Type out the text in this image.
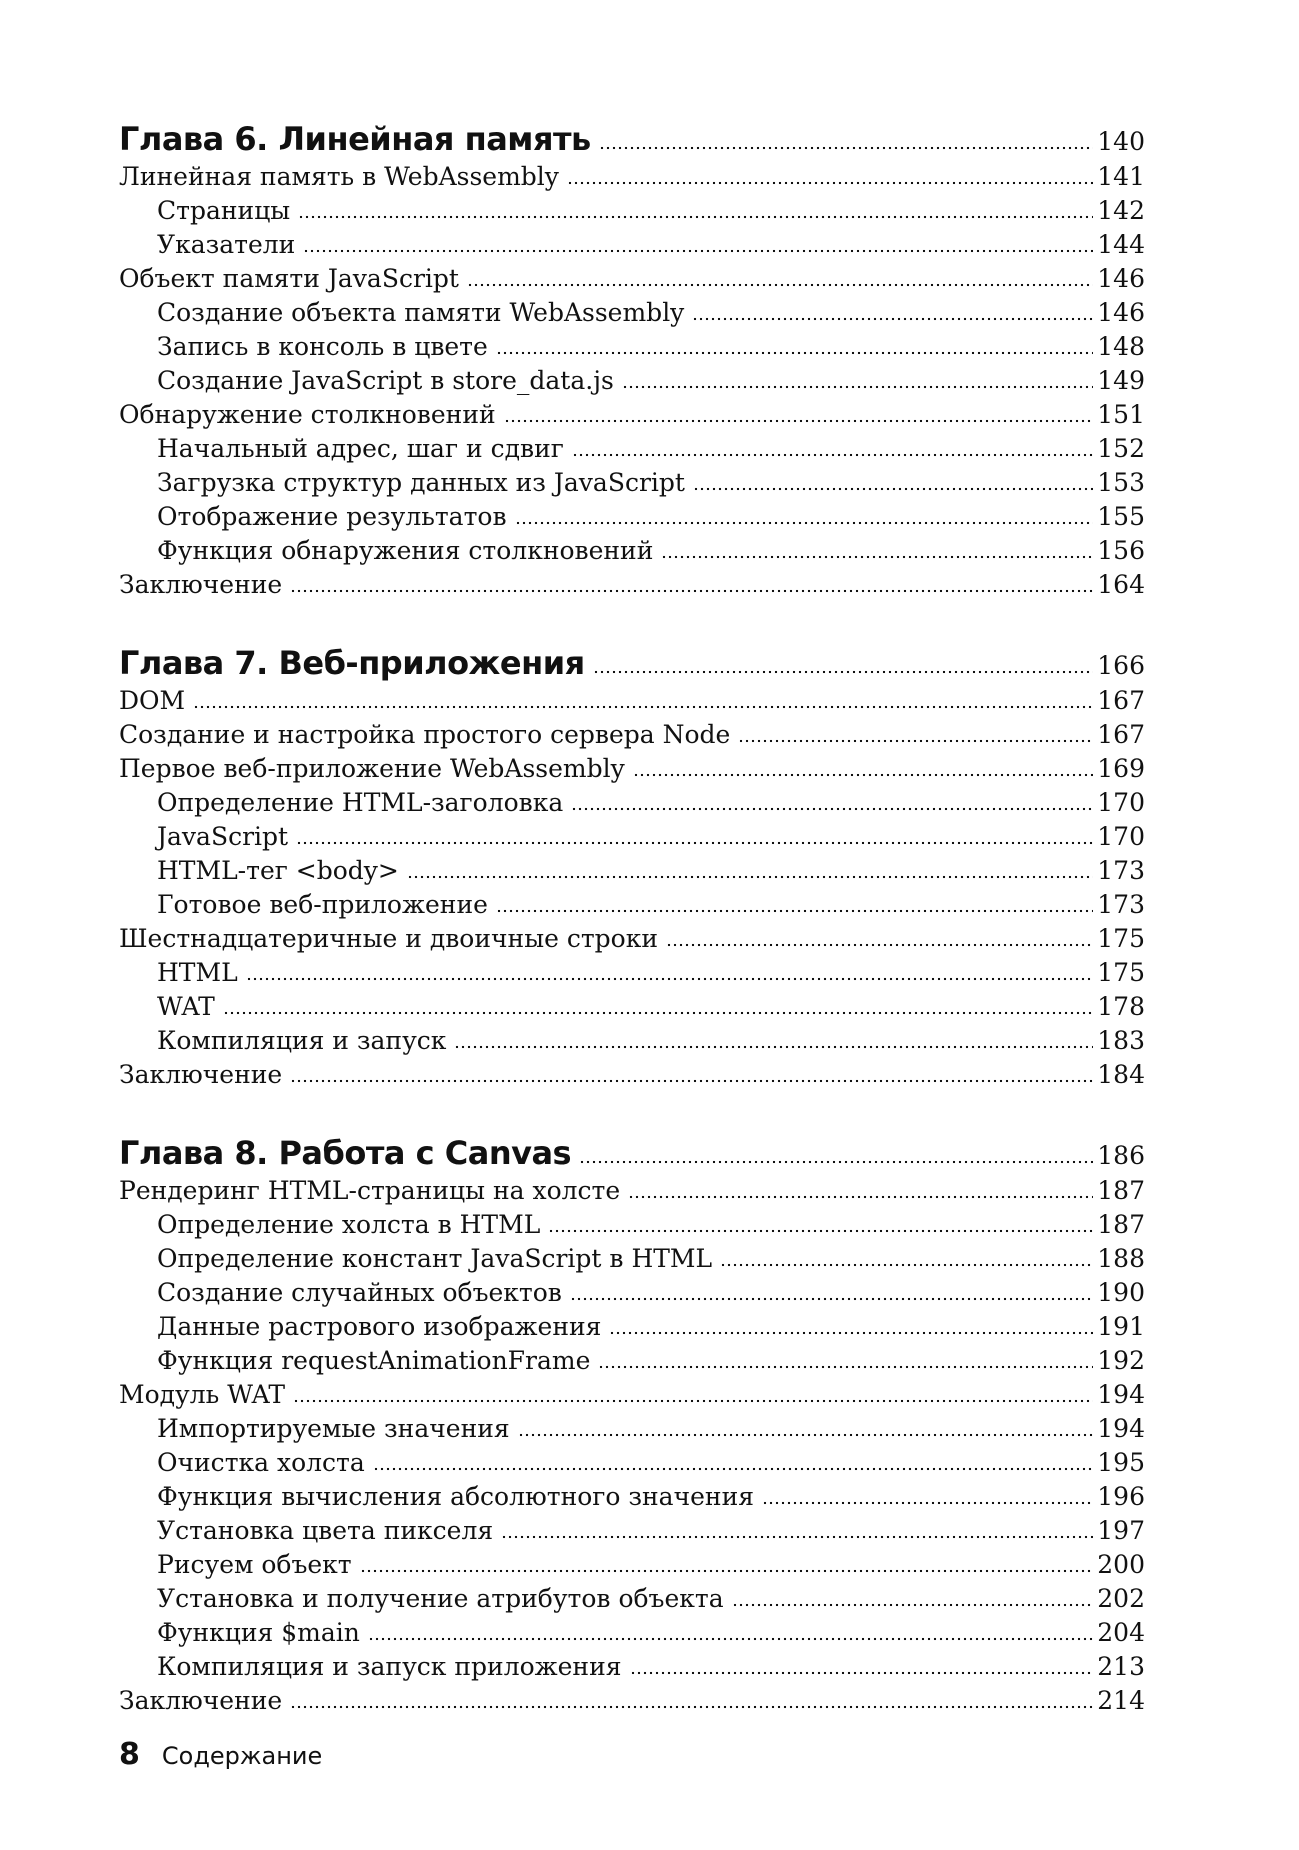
Глава 6. Линейная память	140
Линейная память в WebAssembly	141
Страницы	142
Указатели	144
Объект памяти JavaScript	146
Создание объекта памяти WebAssembly	146
Запись в консоль в цвете	148
Создание JavaScript в store_data.js	149
Обнаружение столкновений	151
Начальный адрес, шаг и сдвиг	152
Загрузка структур данных из JavaScript	153
Отображение результатов	155
Функция обнаружения столкновений	156
Заключение	164
Глава 7. Веб-приложения	166
DOM	167
Создание и настройка простого сервера Node	167
Первое веб-приложение WebAssembly	169
Определение HTML-заголовка	170
JavaScript	170
HTML-тег <body>	173
Готовое веб-приложение	173
Шестнадцатеричные и двоичные строки	175
HTML	175
WAT	178
Компиляция и запуск	183
Заключение	184
Глава 8. Работа с Canvas	186
Рендеринг HTML-страницы на холсте	187
Определение холста в HTML	187
Определение констант JavaScript в HTML	188
Создание случайных объектов	190
Данные растрового изображения	191
Функция requestAnimationFrame	192
Модуль WAT	194
Импортируемые значения	194
Очистка холста	195
Функция вычисления абсолютного значения	196
Установка цвета пикселя	197
Рисуем объект	200
Установка и получение атрибутов объекта	202
Функция $main	204
Компиляция и запуск приложения	213
Заключение	214
8 Содержание
